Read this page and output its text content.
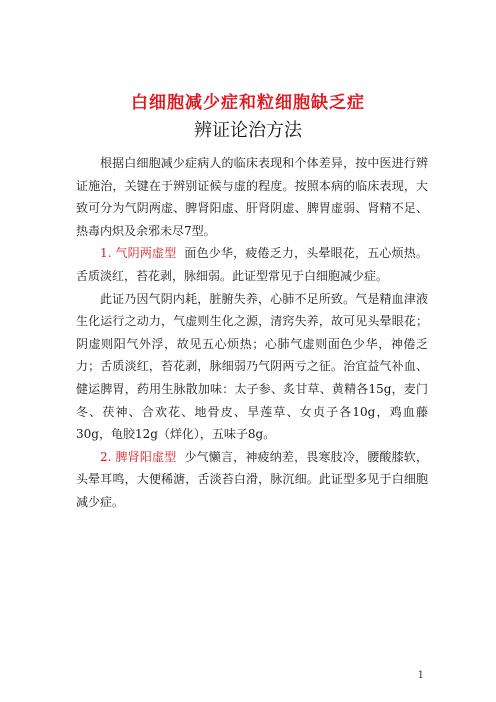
白细胞减少症和粒细胞缺乏症
辨证论治方法

根据白细胞减少症病人的临床表现和个体差异，按中医进行辨证施治，关键在于辨别证候与虚的程度。按照本病的临床表现，大致可分为气阴两虚、脾肾阳虚、肝肾阴虚、脾胃虚弱、肾精不足、热毒内炽及余邪未尽7型。

1. 气阴两虚型 面色少华，疲倦乏力，头晕眼花，五心烦热。舌质淡红，苔花剥，脉细弱。此证型常见于白细胞减少症。

此证乃因气阴内耗，脏腑失养，心肺不足所致。气是精血津液生化运行之动力，气虚则生化之源，清窍失养，故可见头晕眼花；阴虚则阳气外浮，故见五心烦热；心肺气虚则面色少华，神倦乏力；舌质淡红，苔花剥，脉细弱乃气阴两亏之征。治宜益气补血、健运脾胃，药用生脉散加味：太子参、炙甘草、黄精各15g，麦门冬、茯神、合欢花、地骨皮、旱莲草、女贞子各10g，鸡血藤30g，龟胶12g（烊化），五味子8g。

2. 脾肾阳虚型 少气懒言，神疲纳差，畏寒肢冷，腰酸膝软，头晕耳鸣，大便稀溏，舌淡苔白滑，脉沉细。此证型多见于白细胞减少症。

1
